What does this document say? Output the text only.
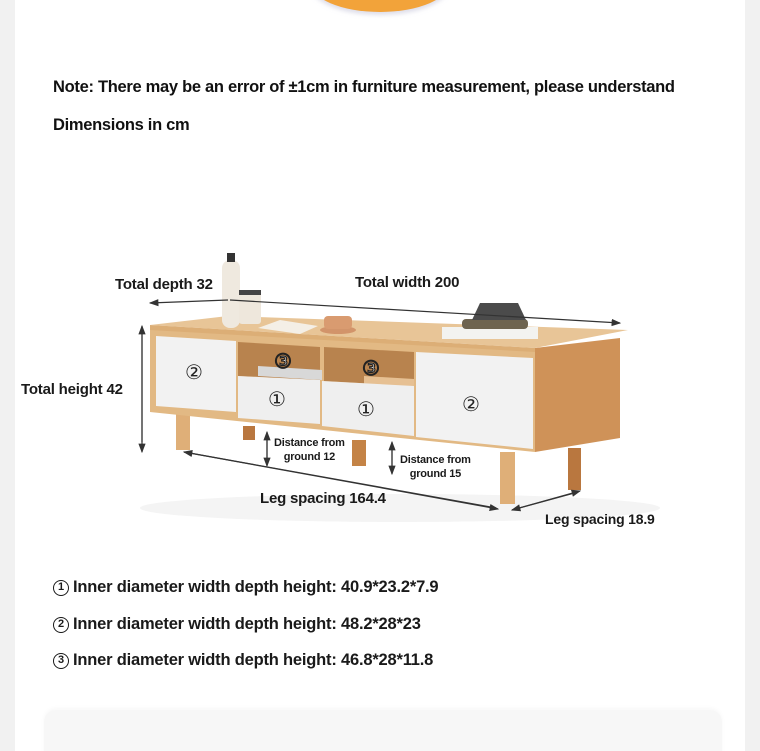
Note: There may be an error of ±1cm in furniture measurement, please understand
Dimensions in cm
②	③	③
①	①	②
Total depth 32	Total width 200
Total height 42
Distance from
ground 12	Distance from
ground 15
Leg spacing 164.4
Leg spacing 18.9
1 Inner diameter width depth height: 40.9*23.2*7.9
2 Inner diameter width depth height: 48.2*28*23
3 Inner diameter width depth height: 46.8*28*11.8
